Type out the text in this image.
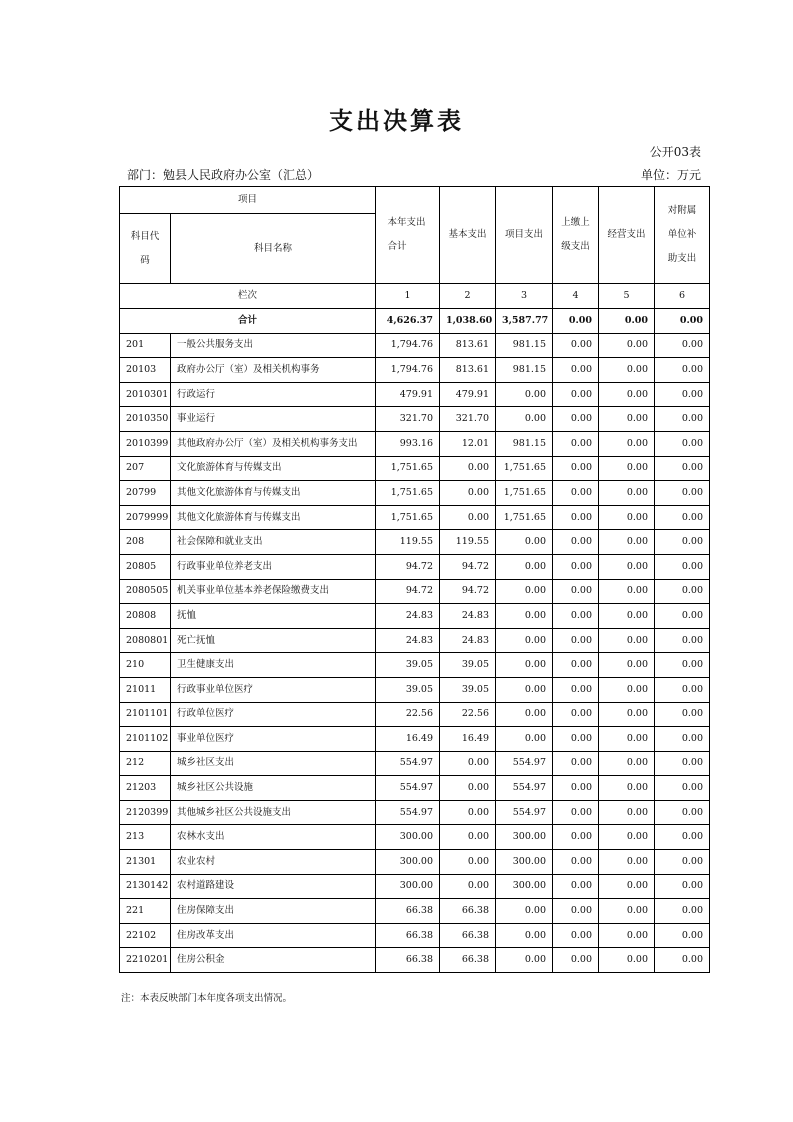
支出决算表
公开03表
部门：勉县人民政府办公室（汇总）	单位：万元
项目		本年支出合计	基本支出	项目支出	上缴上级支出	经营支出	对附属单位补助支出

科目代码	科目名称						
栏次		1	2	3	4	5	6
合计		4,626.37	1,038.60	3,587.77	0.00	0.00	0.00
201	一般公共服务支出	1,794.76	813.61	981.15	0.00	0.00	0.00
20103	政府办公厅（室）及相关机构事务	1,794.76	813.61	981.15	0.00	0.00	0.00
2010301	行政运行	479.91	479.91	0.00	0.00	0.00	0.00
2010350	事业运行	321.70	321.70	0.00	0.00	0.00	0.00
2010399	其他政府办公厅（室）及相关机构事务支出	993.16	12.01	981.15	0.00	0.00	0.00
207	文化旅游体育与传媒支出	1,751.65	0.00	1,751.65	0.00	0.00	0.00
20799	其他文化旅游体育与传媒支出	1,751.65	0.00	1,751.65	0.00	0.00	0.00
2079999	其他文化旅游体育与传媒支出	1,751.65	0.00	1,751.65	0.00	0.00	0.00
208	社会保障和就业支出	119.55	119.55	0.00	0.00	0.00	0.00
20805	行政事业单位养老支出	94.72	94.72	0.00	0.00	0.00	0.00
2080505	机关事业单位基本养老保险缴费支出	94.72	94.72	0.00	0.00	0.00	0.00
20808	抚恤	24.83	24.83	0.00	0.00	0.00	0.00
2080801	死亡抚恤	24.83	24.83	0.00	0.00	0.00	0.00
210	卫生健康支出	39.05	39.05	0.00	0.00	0.00	0.00
21011	行政事业单位医疗	39.05	39.05	0.00	0.00	0.00	0.00
2101101	行政单位医疗	22.56	22.56	0.00	0.00	0.00	0.00
2101102	事业单位医疗	16.49	16.49	0.00	0.00	0.00	0.00
212	城乡社区支出	554.97	0.00	554.97	0.00	0.00	0.00
21203	城乡社区公共设施	554.97	0.00	554.97	0.00	0.00	0.00
2120399	其他城乡社区公共设施支出	554.97	0.00	554.97	0.00	0.00	0.00
213	农林水支出	300.00	0.00	300.00	0.00	0.00	0.00
21301	农业农村	300.00	0.00	300.00	0.00	0.00	0.00
2130142	农村道路建设	300.00	0.00	300.00	0.00	0.00	0.00
221	住房保障支出	66.38	66.38	0.00	0.00	0.00	0.00
22102	住房改革支出	66.38	66.38	0.00	0.00	0.00	0.00
2210201	住房公积金	66.38	66.38	0.00	0.00	0.00	0.00
注：本表反映部门本年度各项支出情况。
